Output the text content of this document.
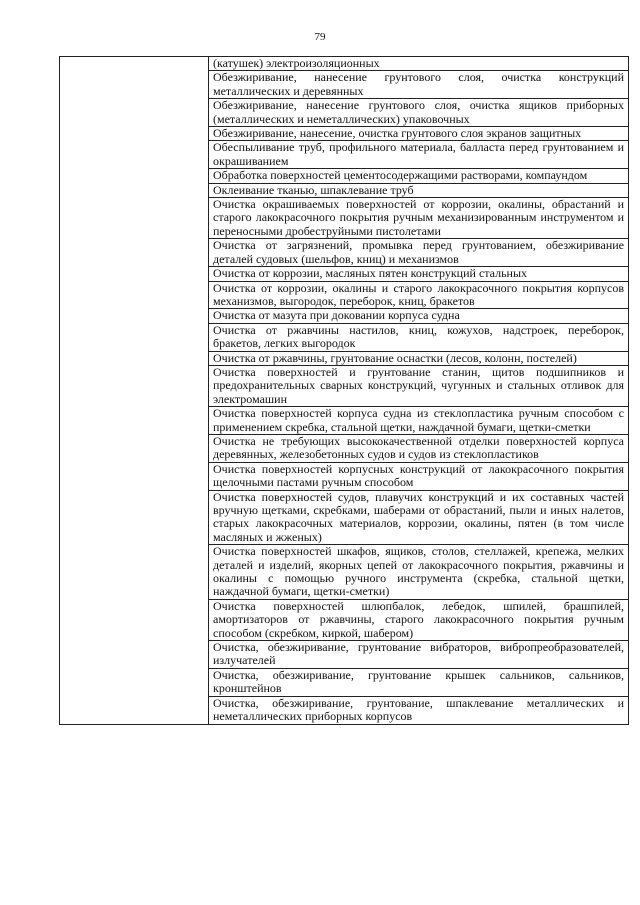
79
	(катушек) электроизоляционных
Обезжиривание, нанесение грунтового слоя, очистка конструкций металлических и деревянных
Обезжиривание, нанесение грунтового слоя, очистка ящиков приборных (металлических и неметаллических) упаковочных
Обезжиривание, нанесение, очистка грунтового слоя экранов защитных
Обеспыливание труб, профильного материала, балласта перед грунтованием и окрашиванием
Обработка поверхностей цементосодержащими растворами, компаундом
Оклеивание тканью, шпаклевание труб
Очистка окрашиваемых поверхностей от коррозии, окалины, обрастаний и старого лакокрасочного покрытия ручным механизированным инструментом и переносными дробеструйными пистолетами
Очистка от загрязнений, промывка перед грунтованием, обезжиривание деталей судовых (шельфов, книц) и механизмов
Очистка от коррозии, масляных пятен конструкций стальных
Очистка от коррозии, окалины и старого лакокрасочного покрытия корпусов механизмов, выгородок, переборок, книц, бракетов
Очистка от мазута при доковании корпуса судна
Очистка от ржавчины настилов, книц, кожухов, надстроек, переборок, бракетов, легких выгородок
Очистка от ржавчины, грунтование оснастки (лесов, колонн, постелей)
Очистка поверхностей и грунтование станин, щитов подшипников и предохранительных сварных конструкций, чугунных и стальных отливок для электромашин
Очистка поверхностей корпуса судна из стеклопластика ручным способом с применением скребка, стальной щетки, наждачной бумаги, щетки-сметки
Очистка не требующих высококачественной отделки поверхностей корпуса деревянных, железобетонных судов и судов из стеклопластиков
Очистка поверхностей корпусных конструкций от лакокрасочного покрытия щелочными пастами ручным способом
Очистка поверхностей судов, плавучих конструкций и их составных частей вручную щетками, скребками, шаберами от обрастаний, пыли и иных налетов, старых лакокрасочных материалов, коррозии, окалины, пятен (в том числе масляных и жженых)
Очистка поверхностей шкафов, ящиков, столов, стеллажей, крепежа, мелких деталей и изделий, якорных цепей от лакокрасочного покрытия, ржавчины и окалины с помощью ручного инструмента (скребка, стальной щетки, наждачной бумаги, щетки-сметки)
Очистка поверхностей шлюпбалок, лебедок, шпилей, брашпилей, амортизаторов от ржавчины, старого лакокрасочного покрытия ручным способом (скребком, киркой, шабером)
Очистка, обезжиривание, грунтование вибраторов, вибропреобразователей, излучателей
Очистка, обезжиривание, грунтование крышек сальников, сальников, кронштейнов
Очистка, обезжиривание, грунтование, шпаклевание металлических и неметаллических приборных корпусов
